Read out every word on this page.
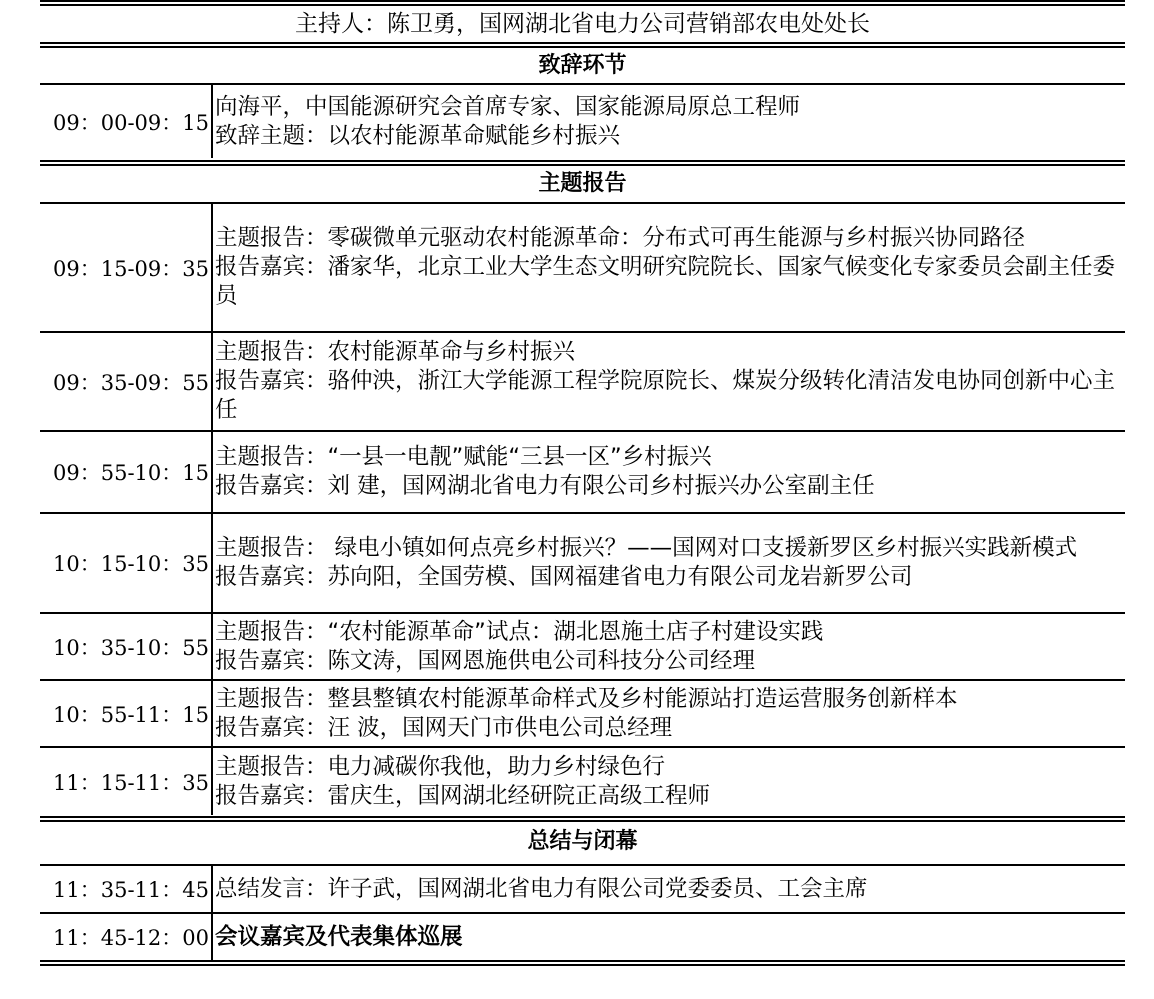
主持人：陈卫勇，国网湖北省电力公司营销部农电处处长
致辞环节
09：00-09：15
向海平，中国能源研究会首席专家、国家能源局原总工程师
致辞主题：以农村能源革命赋能乡村振兴
主题报告
09：15-09：35
主题报告：零碳微单元驱动农村能源革命：分布式可再生能源与乡村振兴协同路径
报告嘉宾：潘家华，北京工业大学生态文明研究院院长、国家气候变化专家委员会副主任委员
09：35-09：55
主题报告：农村能源革命与乡村振兴
报告嘉宾：骆仲泱，浙江大学能源工程学院原院长、煤炭分级转化清洁发电协同创新中心主任
09：55-10：15
主题报告：“一县一电靓”赋能“三县一区”乡村振兴
报告嘉宾：刘 建，国网湖北省电力有限公司乡村振兴办公室副主任
10：15-10：35
主题报告： 绿电小镇如何点亮乡村振兴？——国网对口支援新罗区乡村振兴实践新模式
报告嘉宾：苏向阳，全国劳模、国网福建省电力有限公司龙岩新罗公司
10：35-10：55
主题报告：“农村能源革命”试点：湖北恩施土店子村建设实践
报告嘉宾：陈文涛，国网恩施供电公司科技分公司经理
10：55-11：15
主题报告：整县整镇农村能源革命样式及乡村能源站打造运营服务创新样本
报告嘉宾：汪 波，国网天门市供电公司总经理
11：15-11：35
主题报告：电力减碳你我他，助力乡村绿色行
报告嘉宾：雷庆生，国网湖北经研院正高级工程师
总结与闭幕
11：35-11：45 总结发言：许子武，国网湖北省电力有限公司党委委员、工会主席
11：45-12：00 会议嘉宾及代表集体巡展
